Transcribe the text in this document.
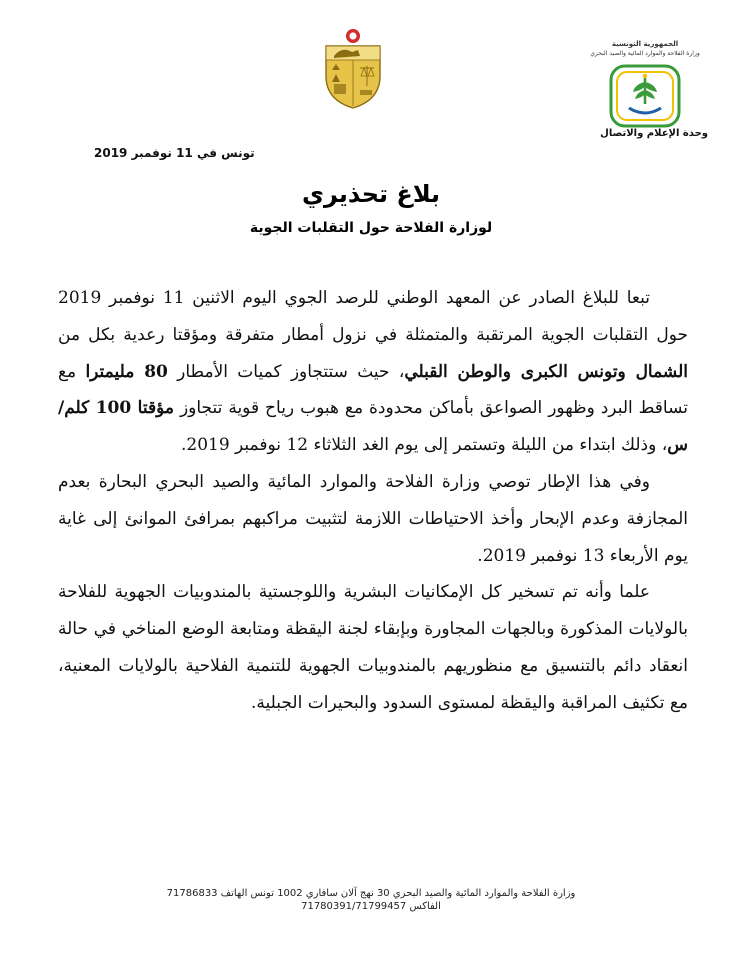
الجمهورية التونسية
وزارة الفلاحة والموارد المائية والصيد البحري
وحدة الإعلام والاتصال
تونس في 11 نوفمبر 2019
بلاغ تحذيري
لوزارة الفلاحة حول التقلبات الجوية

تبعا للبلاغ الصادر عن المعهد الوطني للرصد الجوي اليوم الاثنين 11 نوفمبر 2019 حول التقلبات الجوية المرتقبة والمتمثلة في نزول أمطار متفرقة ومؤقتا رعدية بكل من الشمال وتونس الكبرى والوطن القبلي، حيث ستتجاوز كميات الأمطار 80 مليمترا مع تساقط البرد وظهور الصواعق بأماكن محدودة مع هبوب رياح قوية تتجاوز مؤقتا 100 كلم/س، وذلك ابتداء من الليلة وتستمر إلى يوم الغد الثلاثاء 12 نوفمبر 2019.

وفي هذا الإطار توصي وزارة الفلاحة والموارد المائية والصيد البحري البحارة بعدم المجازفة وعدم الإبحار وأخذ الاحتياطات اللازمة لتثبيت مراكبهم بمرافئ الموانئ إلى غاية يوم الأربعاء 13 نوفمبر 2019.

علما وأنه تم تسخير كل الإمكانيات البشرية واللوجستية بالمندوبيات الجهوية للفلاحة بالولايات المذكورة وبالجهات المجاورة وبإبقاء لجنة اليقظة ومتابعة الوضع المناخي في حالة انعقاد دائم بالتنسيق مع منظوريهم بالمندوبيات الجهوية للتنمية الفلاحية بالولايات المعنية، مع تكثيف المراقبة واليقظة لمستوى السدود والبحيرات الجبلية.

وزارة الفلاحة والموارد المائية والصيد البحري 30 نهج آلان سافاري 1002 تونس الهاتف 71786833
الفاكس 71780391/71799457
